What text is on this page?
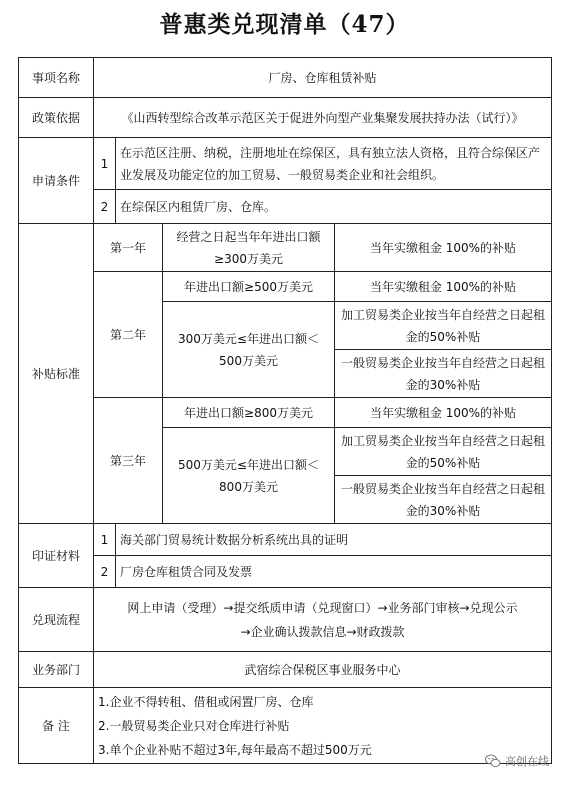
普惠类兑现清单（47）
事项名称	厂房、仓库租赁补贴			
政策依据	《山西转型综合改革示范区关于促进外向型产业集聚发展扶持办法（试行）》			
申请条件	1	在示范区注册、纳税，注册地址在综保区，具有独立法人资格，且符合综保区产业发展及功能定位的加工贸易、一般贸易类企业和社会组织。		
	2	在综保区内租赁厂房、仓库。		
补贴标准	第一年		经营之日起当年年进出口额≥300万美元	当年实缴租金 100%的补贴
	第二年		年进出口额≥500万美元	当年实缴租金 100%的补贴
			300万美元≤年进出口额＜500万美元	加工贸易类企业按当年自经营之日起租金的50%补贴
				一般贸易类企业按当年自经营之日起租金的30%补贴
	第三年		年进出口额≥800万美元	当年实缴租金 100%的补贴
			500万美元≤年进出口额＜800万美元	加工贸易类企业按当年自经营之日起租金的50%补贴
				一般贸易类企业按当年自经营之日起租金的30%补贴

印证材料	1	海关部门贸易统计数据分析系统出具的证明		
	2	厂房仓库租赁合同及发票		
兑现流程	网上申请（受理）→提交纸质申请（兑现窗口）→业务部门审核→兑现公示
→企业确认拨款信息→财政拨款			

业务部门	武宿综合保税区事业服务中心			
备 注	1.企业不得转租、借租或闲置厂房、仓库
2.一般贸易类企业只对仓库进行补贴
3.单个企业补贴不超过3年,每年最高不超过500万元			
高创在线
